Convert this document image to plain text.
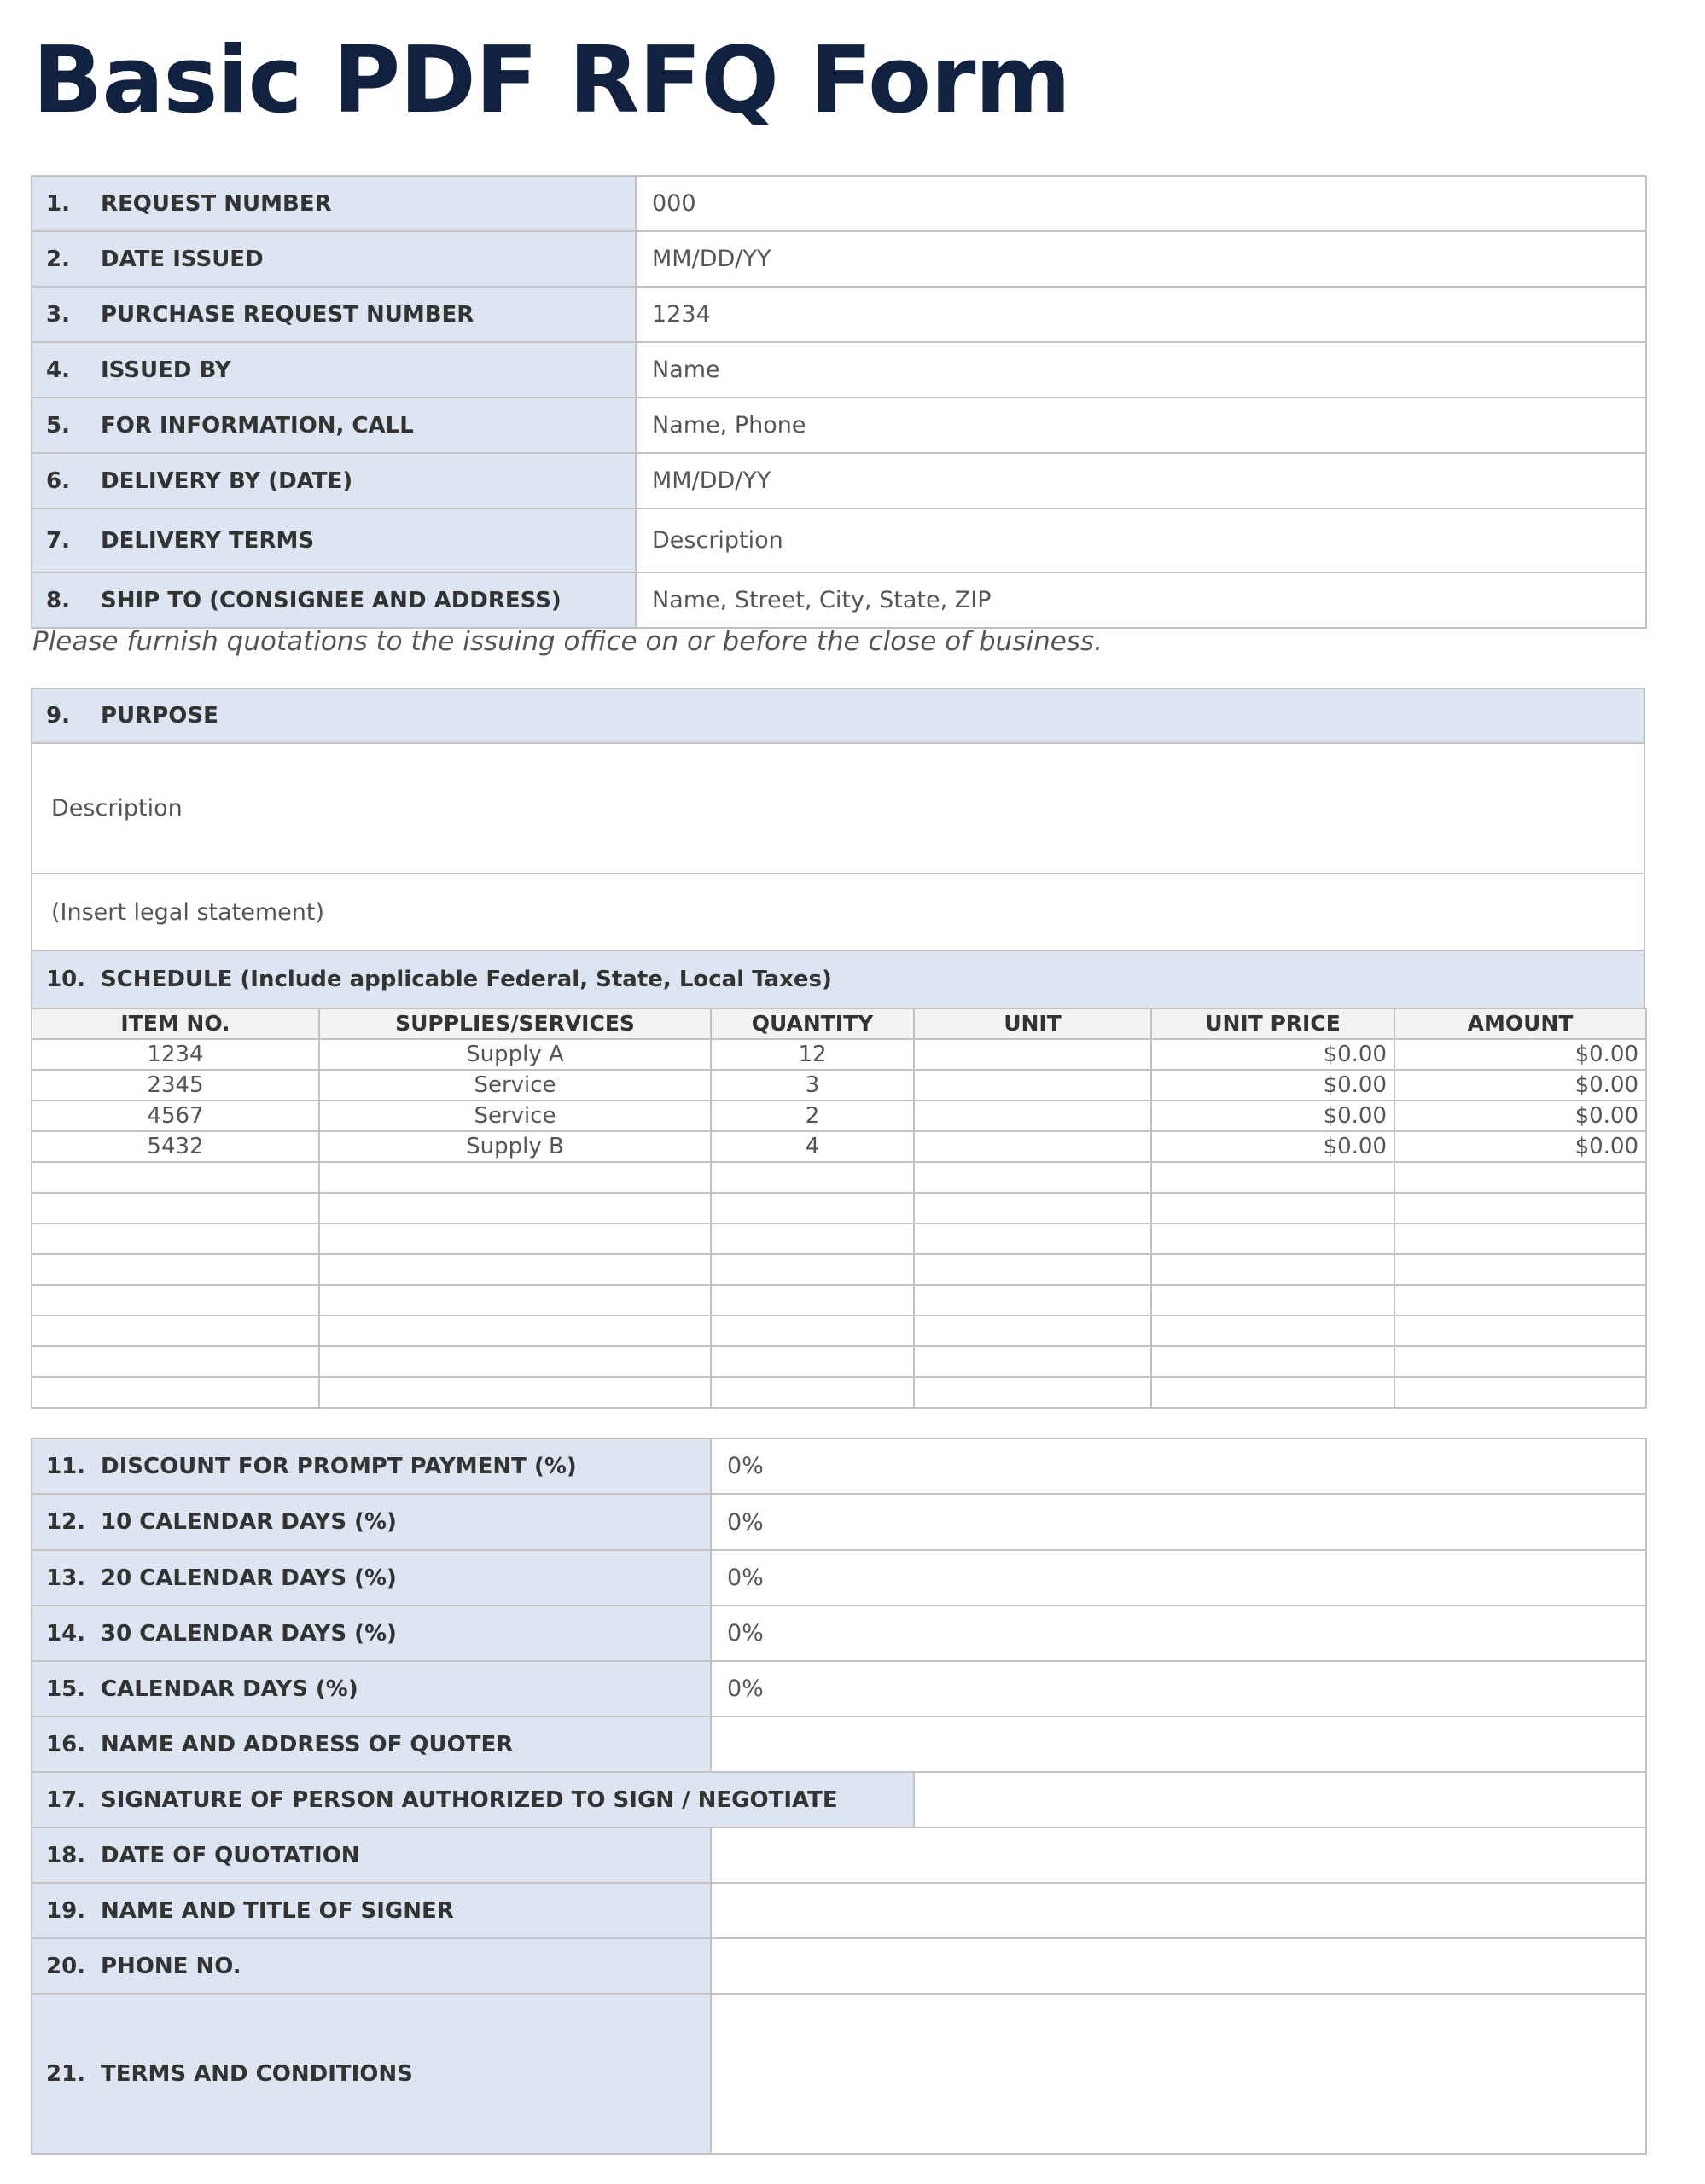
Basic PDF RFQ Form
1. REQUEST NUMBER	000
2. DATE ISSUED	MM/DD/YY
3. PURCHASE REQUEST NUMBER	1234
4. ISSUED BY	Name
5. FOR INFORMATION, CALL	Name, Phone
6. DELIVERY BY (DATE)	MM/DD/YY
7. DELIVERY TERMS	Description
8. SHIP TO (CONSIGNEE AND ADDRESS)	Name, Street, City, State, ZIP
Please furnish quotations to the issuing office on or before the close of business.
9. PURPOSE
Description
(Insert legal statement)
10. SCHEDULE (Include applicable Federal, State, Local Taxes)
ITEM NO.	SUPPLIES/SERVICES	QUANTITY	UNIT	UNIT PRICE	AMOUNT
1234	Supply A	12		$0.00	$0.00
2345	Service	3		$0.00	$0.00
4567	Service	2		$0.00	$0.00
5432	Supply B	4		$0.00	$0.00

11. DISCOUNT FOR PROMPT PAYMENT (%)	0%	
12. 10 CALENDAR DAYS (%)	0%	
13. 20 CALENDAR DAYS (%)	0%	
14. 30 CALENDAR DAYS (%)	0%	
15. CALENDAR DAYS (%)	0%	
16. NAME AND ADDRESS OF QUOTER		
17. SIGNATURE OF PERSON AUTHORIZED TO SIGN / NEGOTIATE		
18. DATE OF QUOTATION		
19. NAME AND TITLE OF SIGNER		
20. PHONE NO.		
21. TERMS AND CONDITIONS		
